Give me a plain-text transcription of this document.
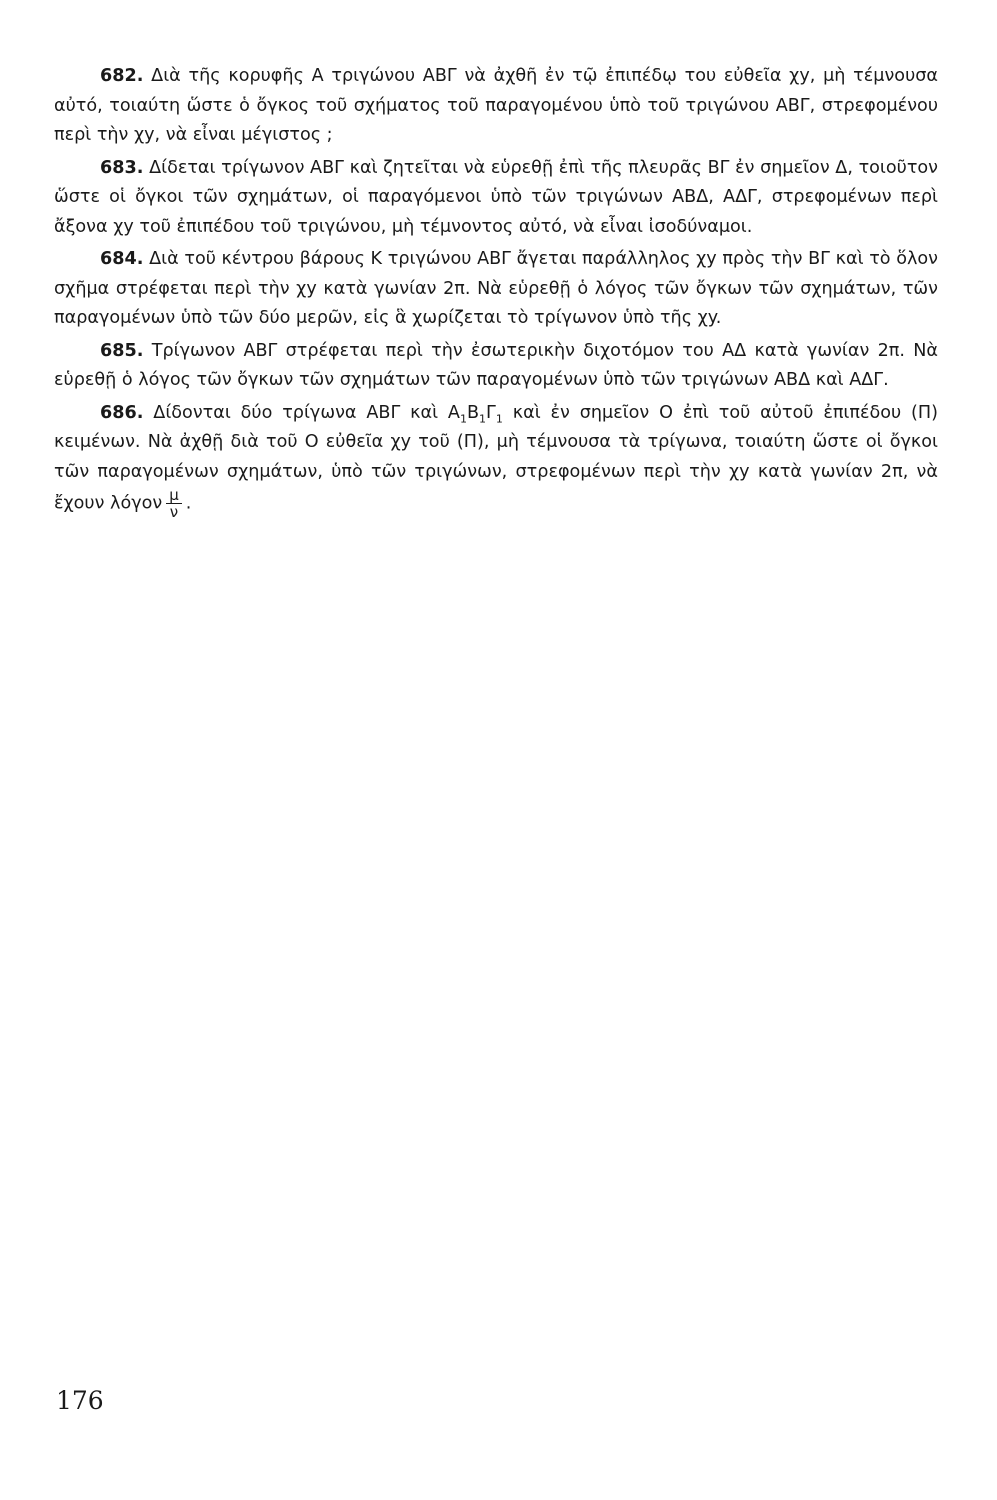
682. Διὰ τῆς κορυφῆς Α τριγώνου ΑΒΓ νὰ ἀχθῆ ἐν τῷ ἐπιπέδῳ του εὐθεῖα χy, μὴ τέμνουσα αὐτό, τοιαύτη ὥστε ὁ ὄγκος τοῦ σχήματος τοῦ παραγομένου ὑπὸ τοῦ τριγώνου ΑΒΓ, στρεφομένου περὶ τὴν χy, νὰ εἶναι μέγιστος ;

683. Δίδεται τρίγωνον ΑΒΓ καὶ ζητεῖται νὰ εὑρεθῇ ἐπὶ τῆς πλευρᾶς ΒΓ ἐν σημεῖον Δ, τοιοῦτον ὥστε οἱ ὄγκοι τῶν σχημάτων, οἱ παραγόμενοι ὑπὸ τῶν τριγώνων ΑΒΔ, ΑΔΓ, στρεφομένων περὶ ἄξονα χy τοῦ ἐπιπέδου τοῦ τριγώνου, μὴ τέμνοντος αὐτό, νὰ εἶναι ἰσοδύναμοι.

684. Διὰ τοῦ κέντρου βάρους Κ τριγώνου ΑΒΓ ἄγεται παράλληλος χy πρὸς τὴν ΒΓ καὶ τὸ ὅλον σχῆμα στρέφεται περὶ τὴν χy κατὰ γωνίαν 2π. Νὰ εὑρεθῇ ὁ λόγος τῶν ὄγκων τῶν σχημάτων, τῶν παραγομένων ὑπὸ τῶν δύο μερῶν, εἰς ἃ χωρίζεται τὸ τρίγωνον ὑπὸ τῆς χy.

685. Τρίγωνον ΑΒΓ στρέφεται περὶ τὴν ἐσωτερικὴν διχοτόμον του ΑΔ κατὰ γωνίαν 2π. Νὰ εὑρεθῇ ὁ λόγος τῶν ὄγκων τῶν σχημάτων τῶν παραγομένων ὑπὸ τῶν τριγώνων ΑΒΔ καὶ ΑΔΓ.

686. Δίδονται δύο τρίγωνα ΑΒΓ καὶ $A_1B_1\Gamma_1$ καὶ ἐν σημεῖον Ο ἐπὶ τοῦ αὐτοῦ ἐπιπέδου (Π) κειμένων. Νὰ ἀχθῇ διὰ τοῦ Ο εὐθεῖα χy τοῦ (Π), μὴ τέμνουσα τὰ τρίγωνα, τοιαύτη ὥστε οἱ ὄγκοι τῶν παραγομένων σχημάτων, ὑπὸ τῶν τριγώνων, στρεφομένων περὶ τὴν χy κατὰ γωνίαν 2π, νὰ ἔχουν λόγον $\frac{\mu}{\nu}$ .

176
